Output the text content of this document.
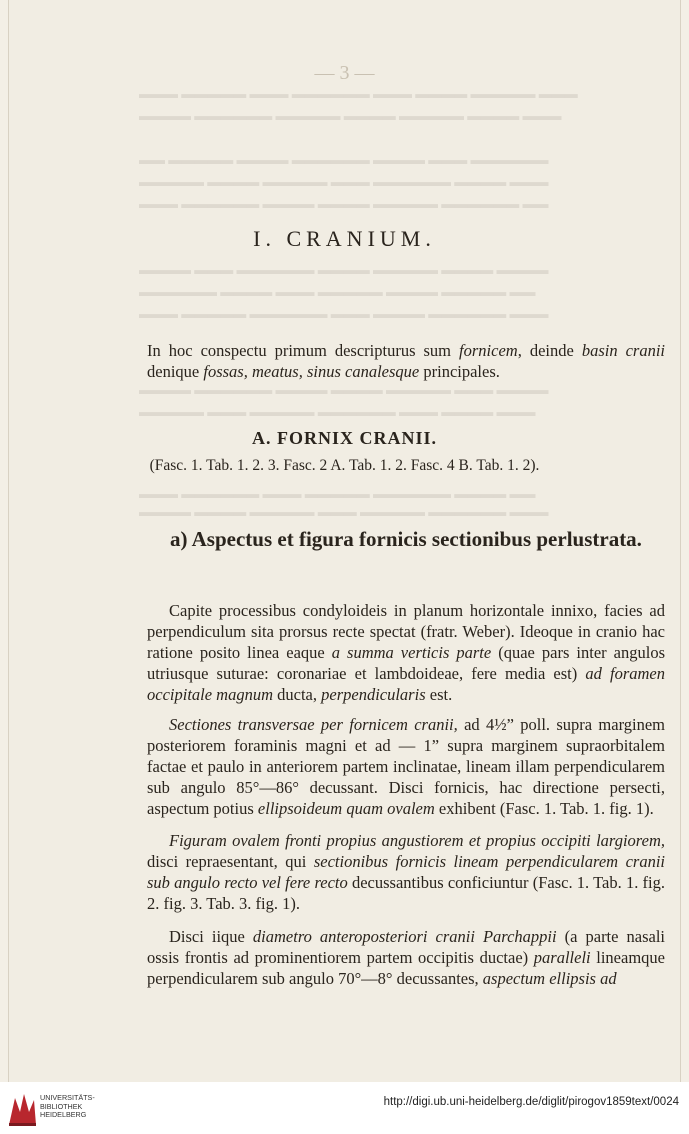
— 3 —
▬▬▬ ▬▬▬▬▬ ▬▬▬ ▬▬▬▬▬▬ ▬▬▬ ▬▬▬▬ ▬▬▬▬▬ ▬▬▬
▬▬▬▬ ▬▬▬▬▬▬ ▬▬▬▬▬ ▬▬▬▬ ▬▬▬▬▬ ▬▬▬▬ ▬▬▬
▬▬ ▬▬▬▬▬ ▬▬▬▬ ▬▬▬▬▬▬ ▬▬▬▬ ▬▬▬ ▬▬▬▬▬▬
▬▬▬▬▬ ▬▬▬▬ ▬▬▬▬▬ ▬▬▬ ▬▬▬▬▬▬ ▬▬▬▬ ▬▬▬
▬▬▬ ▬▬▬▬▬▬ ▬▬▬▬ ▬▬▬▬ ▬▬▬▬▬ ▬▬▬▬▬▬ ▬▬
▬▬▬▬ ▬▬▬ ▬▬▬▬▬▬ ▬▬▬▬ ▬▬▬▬▬ ▬▬▬▬ ▬▬▬▬
▬▬▬▬▬▬ ▬▬▬▬ ▬▬▬ ▬▬▬▬▬ ▬▬▬▬ ▬▬▬▬▬ ▬▬
▬▬▬ ▬▬▬▬▬ ▬▬▬▬▬▬ ▬▬▬ ▬▬▬▬ ▬▬▬▬▬▬ ▬▬▬
▬▬▬▬ ▬▬▬▬▬▬ ▬▬▬▬ ▬▬▬▬ ▬▬▬▬▬ ▬▬▬ ▬▬▬▬
▬▬▬▬▬ ▬▬▬ ▬▬▬▬▬ ▬▬▬▬▬▬ ▬▬▬ ▬▬▬▬ ▬▬▬
▬▬▬ ▬▬▬▬▬▬ ▬▬▬ ▬▬▬▬▬ ▬▬▬▬▬▬ ▬▬▬▬ ▬▬
▬▬▬▬ ▬▬▬▬ ▬▬▬▬▬ ▬▬▬ ▬▬▬▬▬ ▬▬▬▬▬▬ ▬▬▬
I. CRANIUM.
In hoc conspectu primum descripturus sum fornicem, deinde basin cranii denique fossas, meatus, sinus canalesque principales.
A. FORNIX CRANII.
(Fasc. 1. Tab. 1. 2. 3. Fasc. 2 A. Tab. 1. 2. Fasc. 4 B. Tab. 1. 2).
a) Aspectus et figura fornicis sectionibus perlustrata.
Capite processibus condyloideis in planum horizontale innixo, facies ad perpendiculum sita prorsus recte spectat (fratr. Weber). Ideoque in cranio hac ratione posito linea eaque a summa verticis parte (quae pars inter angulos utriusque suturae: coronariae et lambdoideae, fere media est) ad foramen occipitale magnum ducta, perpendicularis est.
Sectiones transversae per fornicem cranii, ad 4½” poll. supra marginem posteriorem foraminis magni et ad — 1” supra marginem supraorbitalem factae et paulo in anteriorem partem inclinatae, lineam illam perpendicularem sub angulo 85°—86° decussant. Disci fornicis, hac directione persecti, aspectum potius ellipsoideum quam ovalem exhibent (Fasc. 1. Tab. 1. fig. 1).
Figuram ovalem fronti propius angustiorem et propius occipiti largiorem, disci repraesentant, qui sectionibus fornicis lineam perpendicularem cranii sub angulo recto vel fere recto decussantibus conficiuntur (Fasc. 1. Tab. 1. fig. 2. fig. 3. Tab. 3. fig. 1).
Disci iique diametro anteroposteriori cranii Parchappii (a parte nasali ossis frontis ad prominentiorem partem occipitis ductae) paralleli lineamque perpendicularem sub angulo 70°—8° decussantes, aspectum ellipsis ad
UNIVERSITÄTS-
BIBLIOTHEK
HEIDELBERG
http://digi.ub.uni-heidelberg.de/diglit/pirogov1859text/0024
